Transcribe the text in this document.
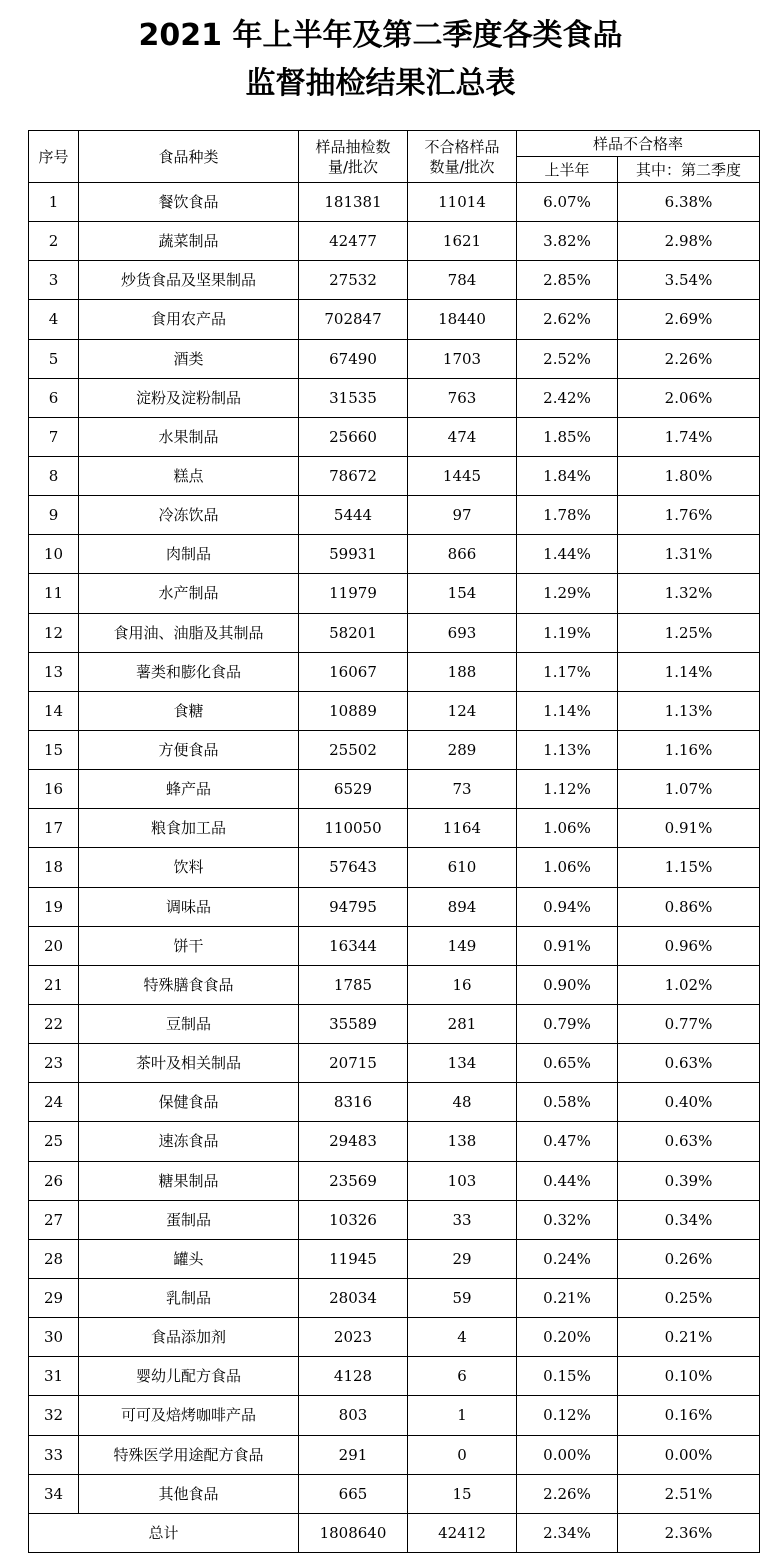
2021 年上半年及第二季度各类食品
监督抽检结果汇总表
序号	食品种类	样品抽检数量/批次	不合格样品数量/批次	样品不合格率	
				上半年	其中：第二季度
1	餐饮食品	181381	11014	6.07%	6.38%
2	蔬菜制品	42477	1621	3.82%	2.98%
3	炒货食品及坚果制品	27532	784	2.85%	3.54%
4	食用农产品	702847	18440	2.62%	2.69%
5	酒类	67490	1703	2.52%	2.26%
6	淀粉及淀粉制品	31535	763	2.42%	2.06%
7	水果制品	25660	474	1.85%	1.74%
8	糕点	78672	1445	1.84%	1.80%
9	冷冻饮品	5444	97	1.78%	1.76%
10	肉制品	59931	866	1.44%	1.31%
11	水产制品	11979	154	1.29%	1.32%
12	食用油、油脂及其制品	58201	693	1.19%	1.25%
13	薯类和膨化食品	16067	188	1.17%	1.14%
14	食糖	10889	124	1.14%	1.13%
15	方便食品	25502	289	1.13%	1.16%
16	蜂产品	6529	73	1.12%	1.07%
17	粮食加工品	110050	1164	1.06%	0.91%
18	饮料	57643	610	1.06%	1.15%
19	调味品	94795	894	0.94%	0.86%
20	饼干	16344	149	0.91%	0.96%
21	特殊膳食食品	1785	16	0.90%	1.02%
22	豆制品	35589	281	0.79%	0.77%
23	茶叶及相关制品	20715	134	0.65%	0.63%
24	保健食品	8316	48	0.58%	0.40%
25	速冻食品	29483	138	0.47%	0.63%
26	糖果制品	23569	103	0.44%	0.39%
27	蛋制品	10326	33	0.32%	0.34%
28	罐头	11945	29	0.24%	0.26%
29	乳制品	28034	59	0.21%	0.25%
30	食品添加剂	2023	4	0.20%	0.21%
31	婴幼儿配方食品	4128	6	0.15%	0.10%
32	可可及焙烤咖啡产品	803	1	0.12%	0.16%
33	特殊医学用途配方食品	291	0	0.00%	0.00%
34	其他食品	665	15	2.26%	2.51%
总计		1808640	42412	2.34%	2.36%
